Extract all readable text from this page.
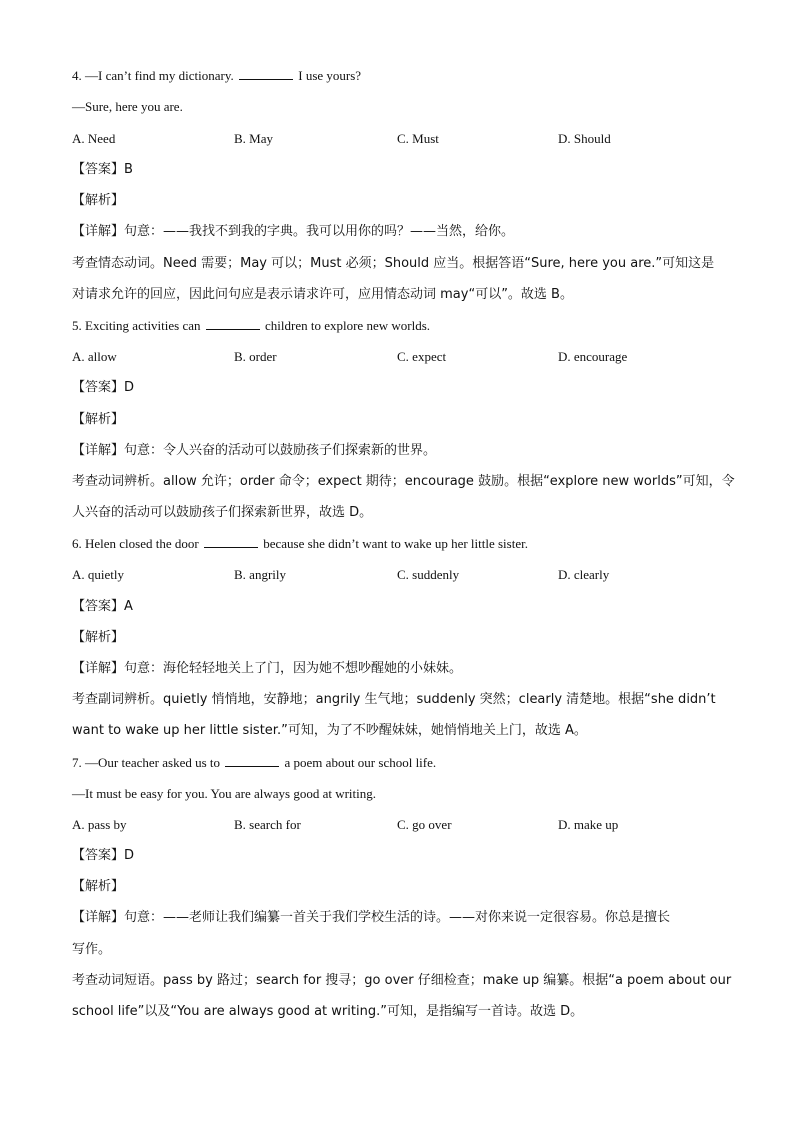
4. —I can’t find my dictionary.	I use yours?
—Sure, here you are.
A. Need	B. May	C. Must	D. Should
【答案】B
【解析】
【详解】句意：——我找不到我的字典。我可以用你的吗？——当然，给你。
考查情态动词。Need 需要；May 可以；Must 必须；Should 应当。根据答语“Sure, here you are.”可知这是
对请求允许的回应，因此问句应是表示请求许可，应用情态动词 may“可以”。故选 B。
5. Exciting activities can	children to explore new worlds.
A. allow	B. order	C. expect	D. encourage
【答案】D
【解析】
【详解】句意：令人兴奋的活动可以鼓励孩子们探索新的世界。
考查动词辨析。allow 允许；order 命令；expect 期待；encourage 鼓励。根据“explore new worlds”可知，令
人兴奋的活动可以鼓励孩子们探索新世界，故选 D。
6. Helen closed the door	because she didn’t want to wake up her little sister.
A. quietly	B. angrily	C. suddenly	D. clearly
【答案】A
【解析】
【详解】句意：海伦轻轻地关上了门，因为她不想吵醒她的小妹妹。
考查副词辨析。quietly 悄悄地，安静地；angrily 生气地；suddenly 突然；clearly 清楚地。根据“she didn’t
want to wake up her little sister.”可知，为了不吵醒妹妹，她悄悄地关上门，故选 A。
7. —Our teacher asked us to	a poem about our school life.
—It must be easy for you. You are always good at writing.
A. pass by	B. search for	C. go over	D. make up
【答案】D
【解析】
【详解】句意：——老师让我们编纂一首关于我们学校生活的诗。——对你来说一定很容易。你总是擅长
写作。
考查动词短语。pass by 路过；search for 搜寻；go over 仔细检查；make up 编纂。根据“a poem about our
school life”以及“You are always good at writing.”可知，是指编写一首诗。故选 D。
